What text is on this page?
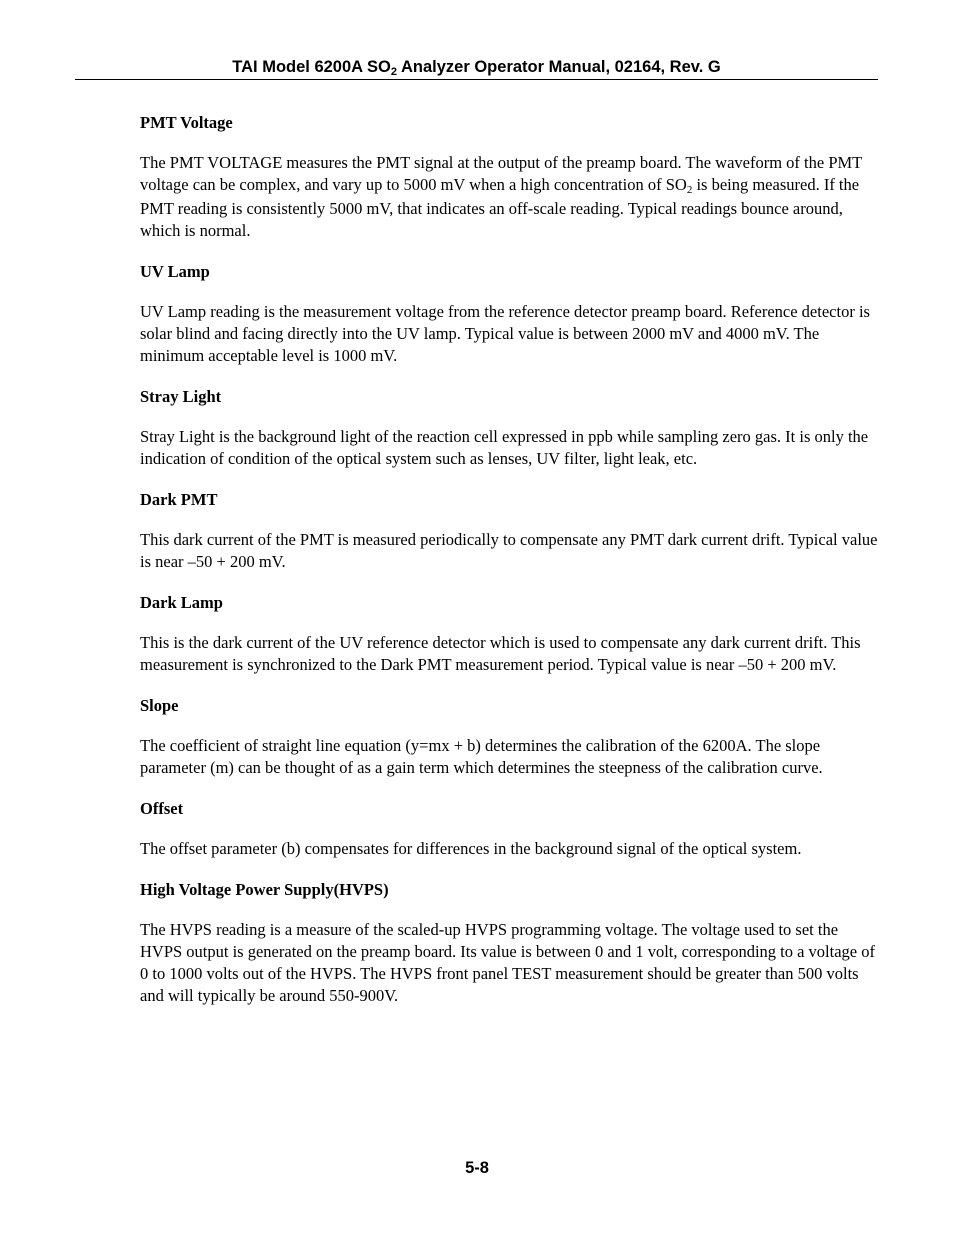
TAI Model 6200A $SO_2$ Analyzer Operator Manual, 02164, Rev. G

PMT Voltage

The PMT VOLTAGE measures the PMT signal at the output of the preamp board. The waveform of the PMT voltage can be complex, and vary up to 5000 mV when a high concentration of $SO_2$ is being measured. If the PMT reading is consistently 5000 mV, that indicates an off-scale reading. Typical readings bounce around, which is normal.

UV Lamp

UV Lamp reading is the measurement voltage from the reference detector preamp board. Reference detector is solar blind and facing directly into the UV lamp. Typical value is between 2000 mV and 4000 mV. The minimum acceptable level is 1000 mV.

Stray Light

Stray Light is the background light of the reaction cell expressed in ppb while sampling zero gas. It is only the indication of condition of the optical system such as lenses, UV filter, light leak, etc.

Dark PMT

This dark current of the PMT is measured periodically to compensate any PMT dark current drift. Typical value is near –50 + 200 mV.

Dark Lamp

This is the dark current of the UV reference detector which is used to compensate any dark current drift. This measurement is synchronized to the Dark PMT measurement period. Typical value is near –50 + 200 mV.

Slope

The coefficient of straight line equation (y=mx + b) determines the calibration of the 6200A. The slope parameter (m) can be thought of as a gain term which determines the steepness of the calibration curve.

Offset

The offset parameter (b) compensates for differences in the background signal of the optical system.

High Voltage Power Supply(HVPS)

The HVPS reading is a measure of the scaled-up HVPS programming voltage. The voltage used to set the HVPS output is generated on the preamp board. Its value is between 0 and 1 volt, corresponding to a voltage of 0 to 1000 volts out of the HVPS. The HVPS front panel TEST measurement should be greater than 500 volts and will typically be around 550-900V.

5-8
